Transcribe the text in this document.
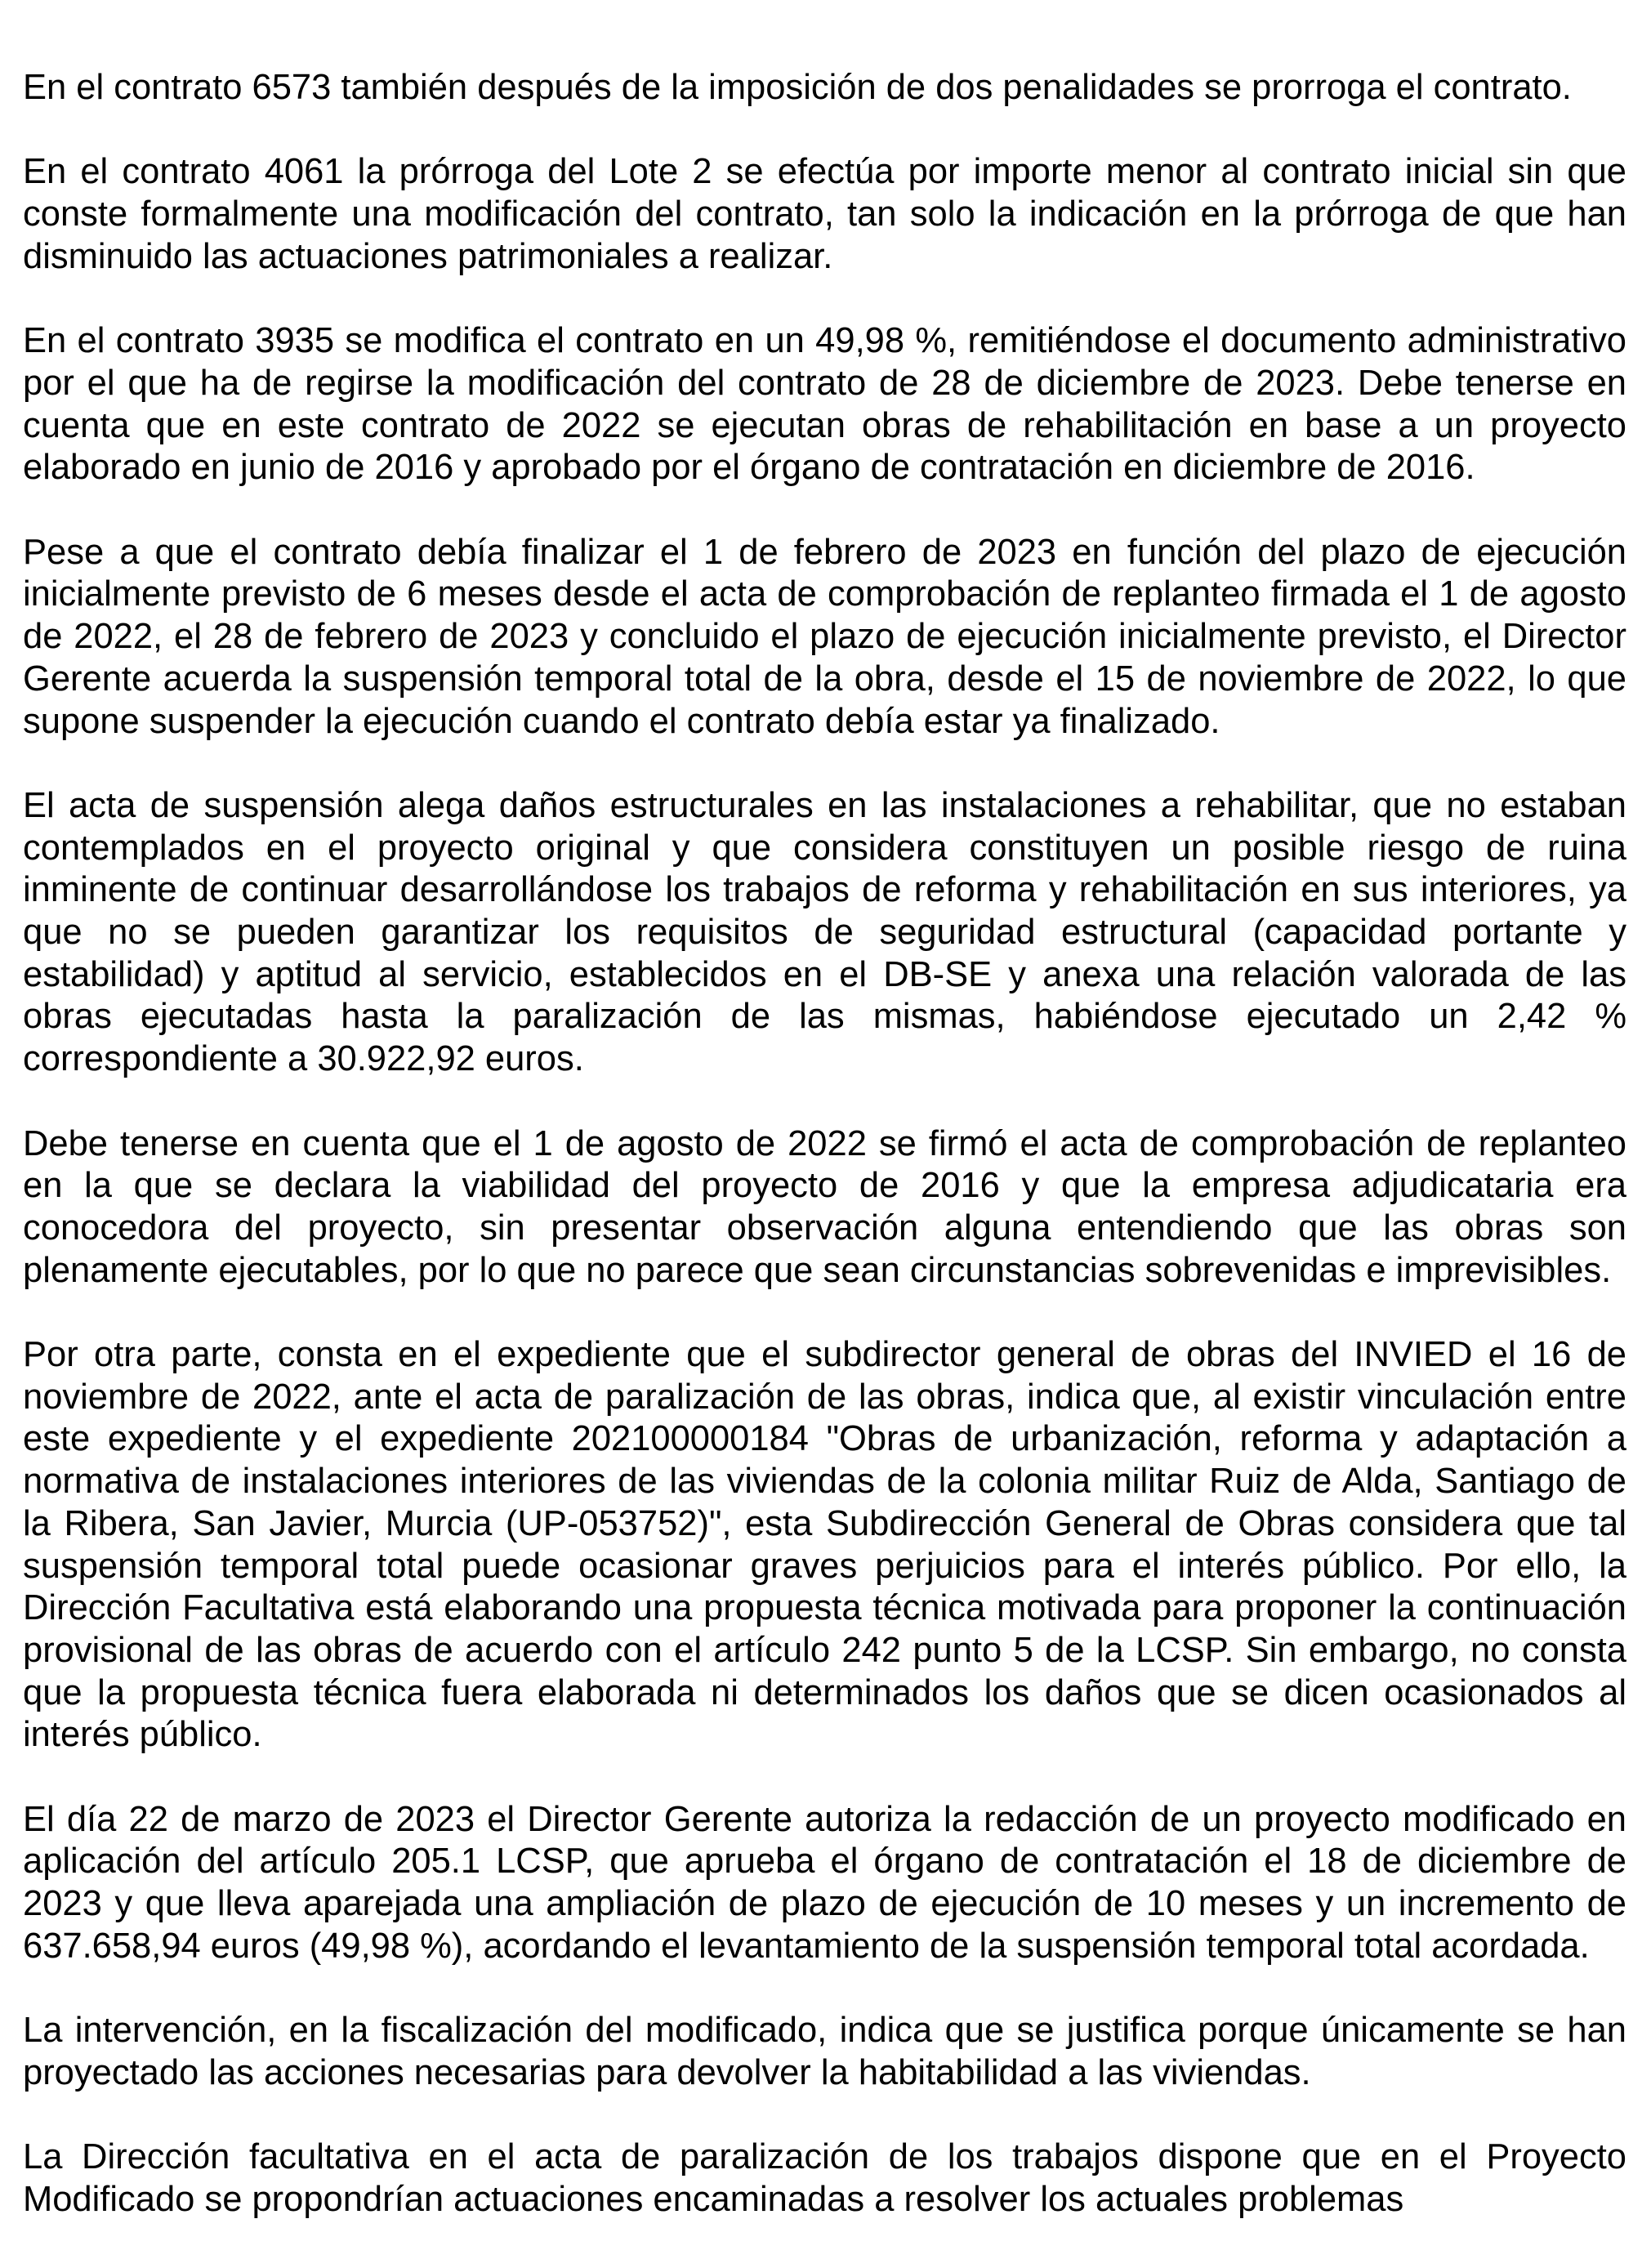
En el contrato 6573 también después de la imposición de dos penalidades se prorroga el contrato.

En el contrato 4061 la prórroga del Lote 2 se efectúa por importe menor al contrato inicial sin que conste formalmente una modificación del contrato, tan solo la indicación en la prórroga de que han disminuido las actuaciones patrimoniales a realizar.

En el contrato 3935 se modifica el contrato en un 49,98 %, remitiéndose el documento administrativo por el que ha de regirse la modificación del contrato de 28 de diciembre de 2023. Debe tenerse en cuenta que en este contrato de 2022 se ejecutan obras de rehabilitación en base a un proyecto elaborado en junio de 2016 y aprobado por el órgano de contratación en diciembre de 2016.

Pese a que el contrato debía finalizar el 1 de febrero de 2023 en función del plazo de ejecución inicialmente previsto de 6 meses desde el acta de comprobación de replanteo firmada el 1 de agosto de 2022, el 28 de febrero de 2023 y concluido el plazo de ejecución inicialmente previsto, el Director Gerente acuerda la suspensión temporal total de la obra, desde el 15 de noviembre de 2022, lo que supone suspender la ejecución cuando el contrato debía estar ya finalizado.

El acta de suspensión alega daños estructurales en las instalaciones a rehabilitar, que no estaban contemplados en el proyecto original y que considera constituyen un posible riesgo de ruina inminente de continuar desarrollándose los trabajos de reforma y rehabilitación en sus interiores, ya que no se pueden garantizar los requisitos de seguridad estructural (capacidad portante y estabilidad) y aptitud al servicio, establecidos en el DB-SE y anexa una relación valorada de las obras ejecutadas hasta la paralización de las mismas, habiéndose ejecutado un 2,42 % correspondiente a 30.922,92 euros.

Debe tenerse en cuenta que el 1 de agosto de 2022 se firmó el acta de comprobación de replanteo en la que se declara la viabilidad del proyecto de 2016 y que la empresa adjudicataria era conocedora del proyecto, sin presentar observación alguna entendiendo que las obras son plenamente ejecutables, por lo que no parece que sean circunstancias sobrevenidas e imprevisibles.

Por otra parte, consta en el expediente que el subdirector general de obras del INVIED el 16 de noviembre de 2022, ante el acta de paralización de las obras, indica que, al existir vinculación entre este expediente y el expediente 202100000184 "Obras de urbanización, reforma y adaptación a normativa de instalaciones interiores de las viviendas de la colonia militar Ruiz de Alda, Santiago de la Ribera, San Javier, Murcia (UP-053752)", esta Subdirección General de Obras considera que tal suspensión temporal total puede ocasionar graves perjuicios para el interés público. Por ello, la Dirección Facultativa está elaborando una propuesta técnica motivada para proponer la continuación provisional de las obras de acuerdo con el artículo 242 punto 5 de la LCSP. Sin embargo, no consta que la propuesta técnica fuera elaborada ni determinados los daños que se dicen ocasionados al interés público.

El día 22 de marzo de 2023 el Director Gerente autoriza la redacción de un proyecto modificado en aplicación del artículo 205.1 LCSP, que aprueba el órgano de contratación el 18 de diciembre de 2023 y que lleva aparejada una ampliación de plazo de ejecución de 10 meses y un incremento de 637.658,94 euros (49,98 %), acordando el levantamiento de la suspensión temporal total acordada.

La intervención, en la fiscalización del modificado, indica que se justifica porque únicamente se han proyectado las acciones necesarias para devolver la habitabilidad a las viviendas.

La Dirección facultativa en el acta de paralización de los trabajos dispone que en el Proyecto Modificado se propondrían actuaciones encaminadas a resolver los actuales problemas
